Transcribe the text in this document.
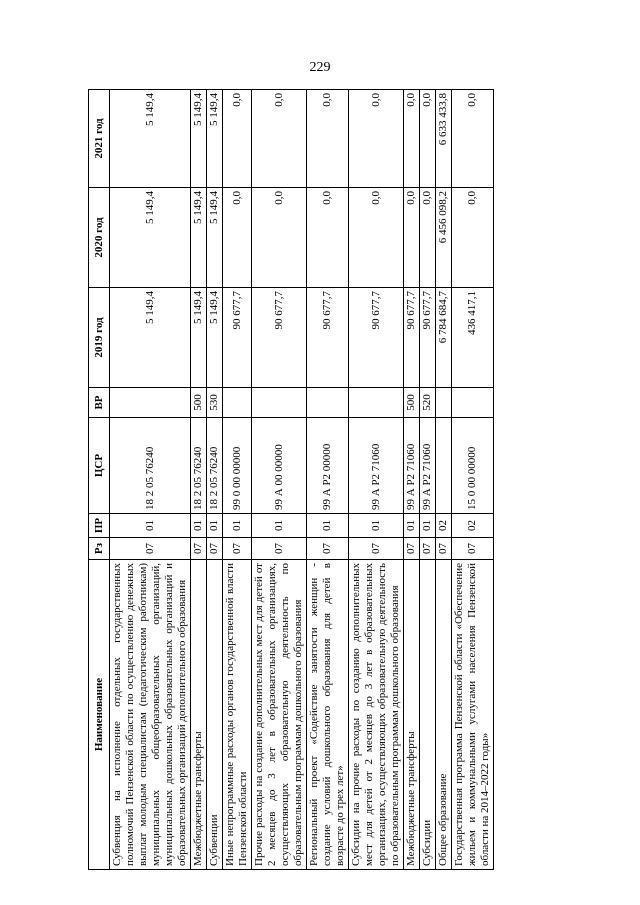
229
Наименование	Рз	ПР	ЦСР	ВР	2019 год	2020 год	2021 год
Субвенция на исполнение отдельных государственных полномочий Пензенской области по осуществлению денежных выплат молодым специалистам (педагогическим работникам) муниципальных общеобразовательных организаций, муниципальных дошкольных образовательных организаций и образовательных организаций дополнительного образования	07	01	18 2 05 76240		5 149,4	5 149,4	5 149,4
Межбюджетные трансферты	07	01	18 2 05 76240	500	5 149,4	5 149,4	5 149,4
Субвенции	07	01	18 2 05 76240	530	5 149,4	5 149,4	5 149,4
Иные непрограммные расходы органов государственной власти Пензенской области	07	01	99 0 00 00000		90 677,7	0,0	0,0
Прочие расходы на создание дополнительных мест для детей от 2 месяцев до 3 лет в образовательных организациях, осуществляющих образовательную деятельность по образовательным программам дошкольного образования	07	01	99 А 00 00000		90 677,7	0,0	0,0
Региональный проект «Содействие занятости женщин - создание условий дошкольного образования для детей в возрасте до трех лет»	07	01	99 А Р2 00000		90 677,7	0,0	0,0
Субсидии на прочие расходы по созданию дополнительных мест для детей от 2 месяцев до 3 лет в образовательных организациях, осуществляющих образовательную деятельность по образовательным программам дошкольного образования	07	01	99 А Р2 71060		90 677,7	0,0	0,0
Межбюджетные трансферты	07	01	99 А Р2 71060	500	90 677,7	0,0	0,0
Субсидии	07	01	99 А Р2 71060	520	90 677,7	0,0	0,0
Общее образование	07	02			6 784 684,7	6 456 098,2	6 633 433,8
Государственная программа Пензенской области «Обеспечение жильем и коммунальными услугами населения Пензенской области на 2014–2022 годы»	07	02	15 0 00 00000		436 417,1	0,0	0,0
